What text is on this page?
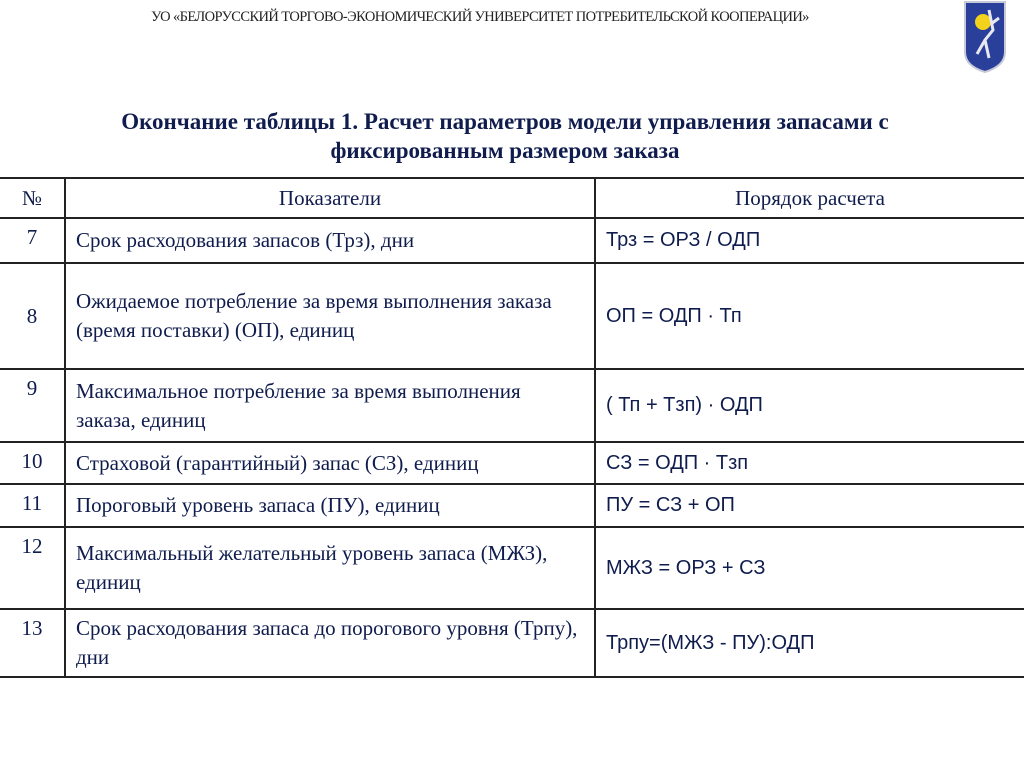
УО «БЕЛОРУССКИЙ ТОРГОВО-ЭКОНОМИЧЕСКИЙ УНИВЕРСИТЕТ ПОТРЕБИТЕЛЬСКОЙ КООПЕРАЦИИ»
Окончание таблицы 1. Расчет параметров модели управления запасами с
фиксированным размером заказа
№	Показатели	Порядок расчета
7	Срок расходования запасов (Трз), дни	Трз = ОРЗ / ОДП
8	Ожидаемое потребление за время выполнения заказа (время поставки) (ОП), единиц	ОП = ОДП · Тп
9	Максимальное потребление за время выполнения заказа, единиц	( Тп + Тзп) · ОДП
10	Страховой (гарантийный) запас (СЗ), единиц	СЗ = ОДП · Тзп
11	Пороговый уровень запаса (ПУ), единиц	ПУ = СЗ + ОП
12	Максимальный желательный уровень запаса (МЖЗ), единиц	МЖЗ = ОРЗ + СЗ
13	Срок расходования запаса до порогового уровня (Трпу), дни	Трпу=(МЖЗ - ПУ):ОДП
